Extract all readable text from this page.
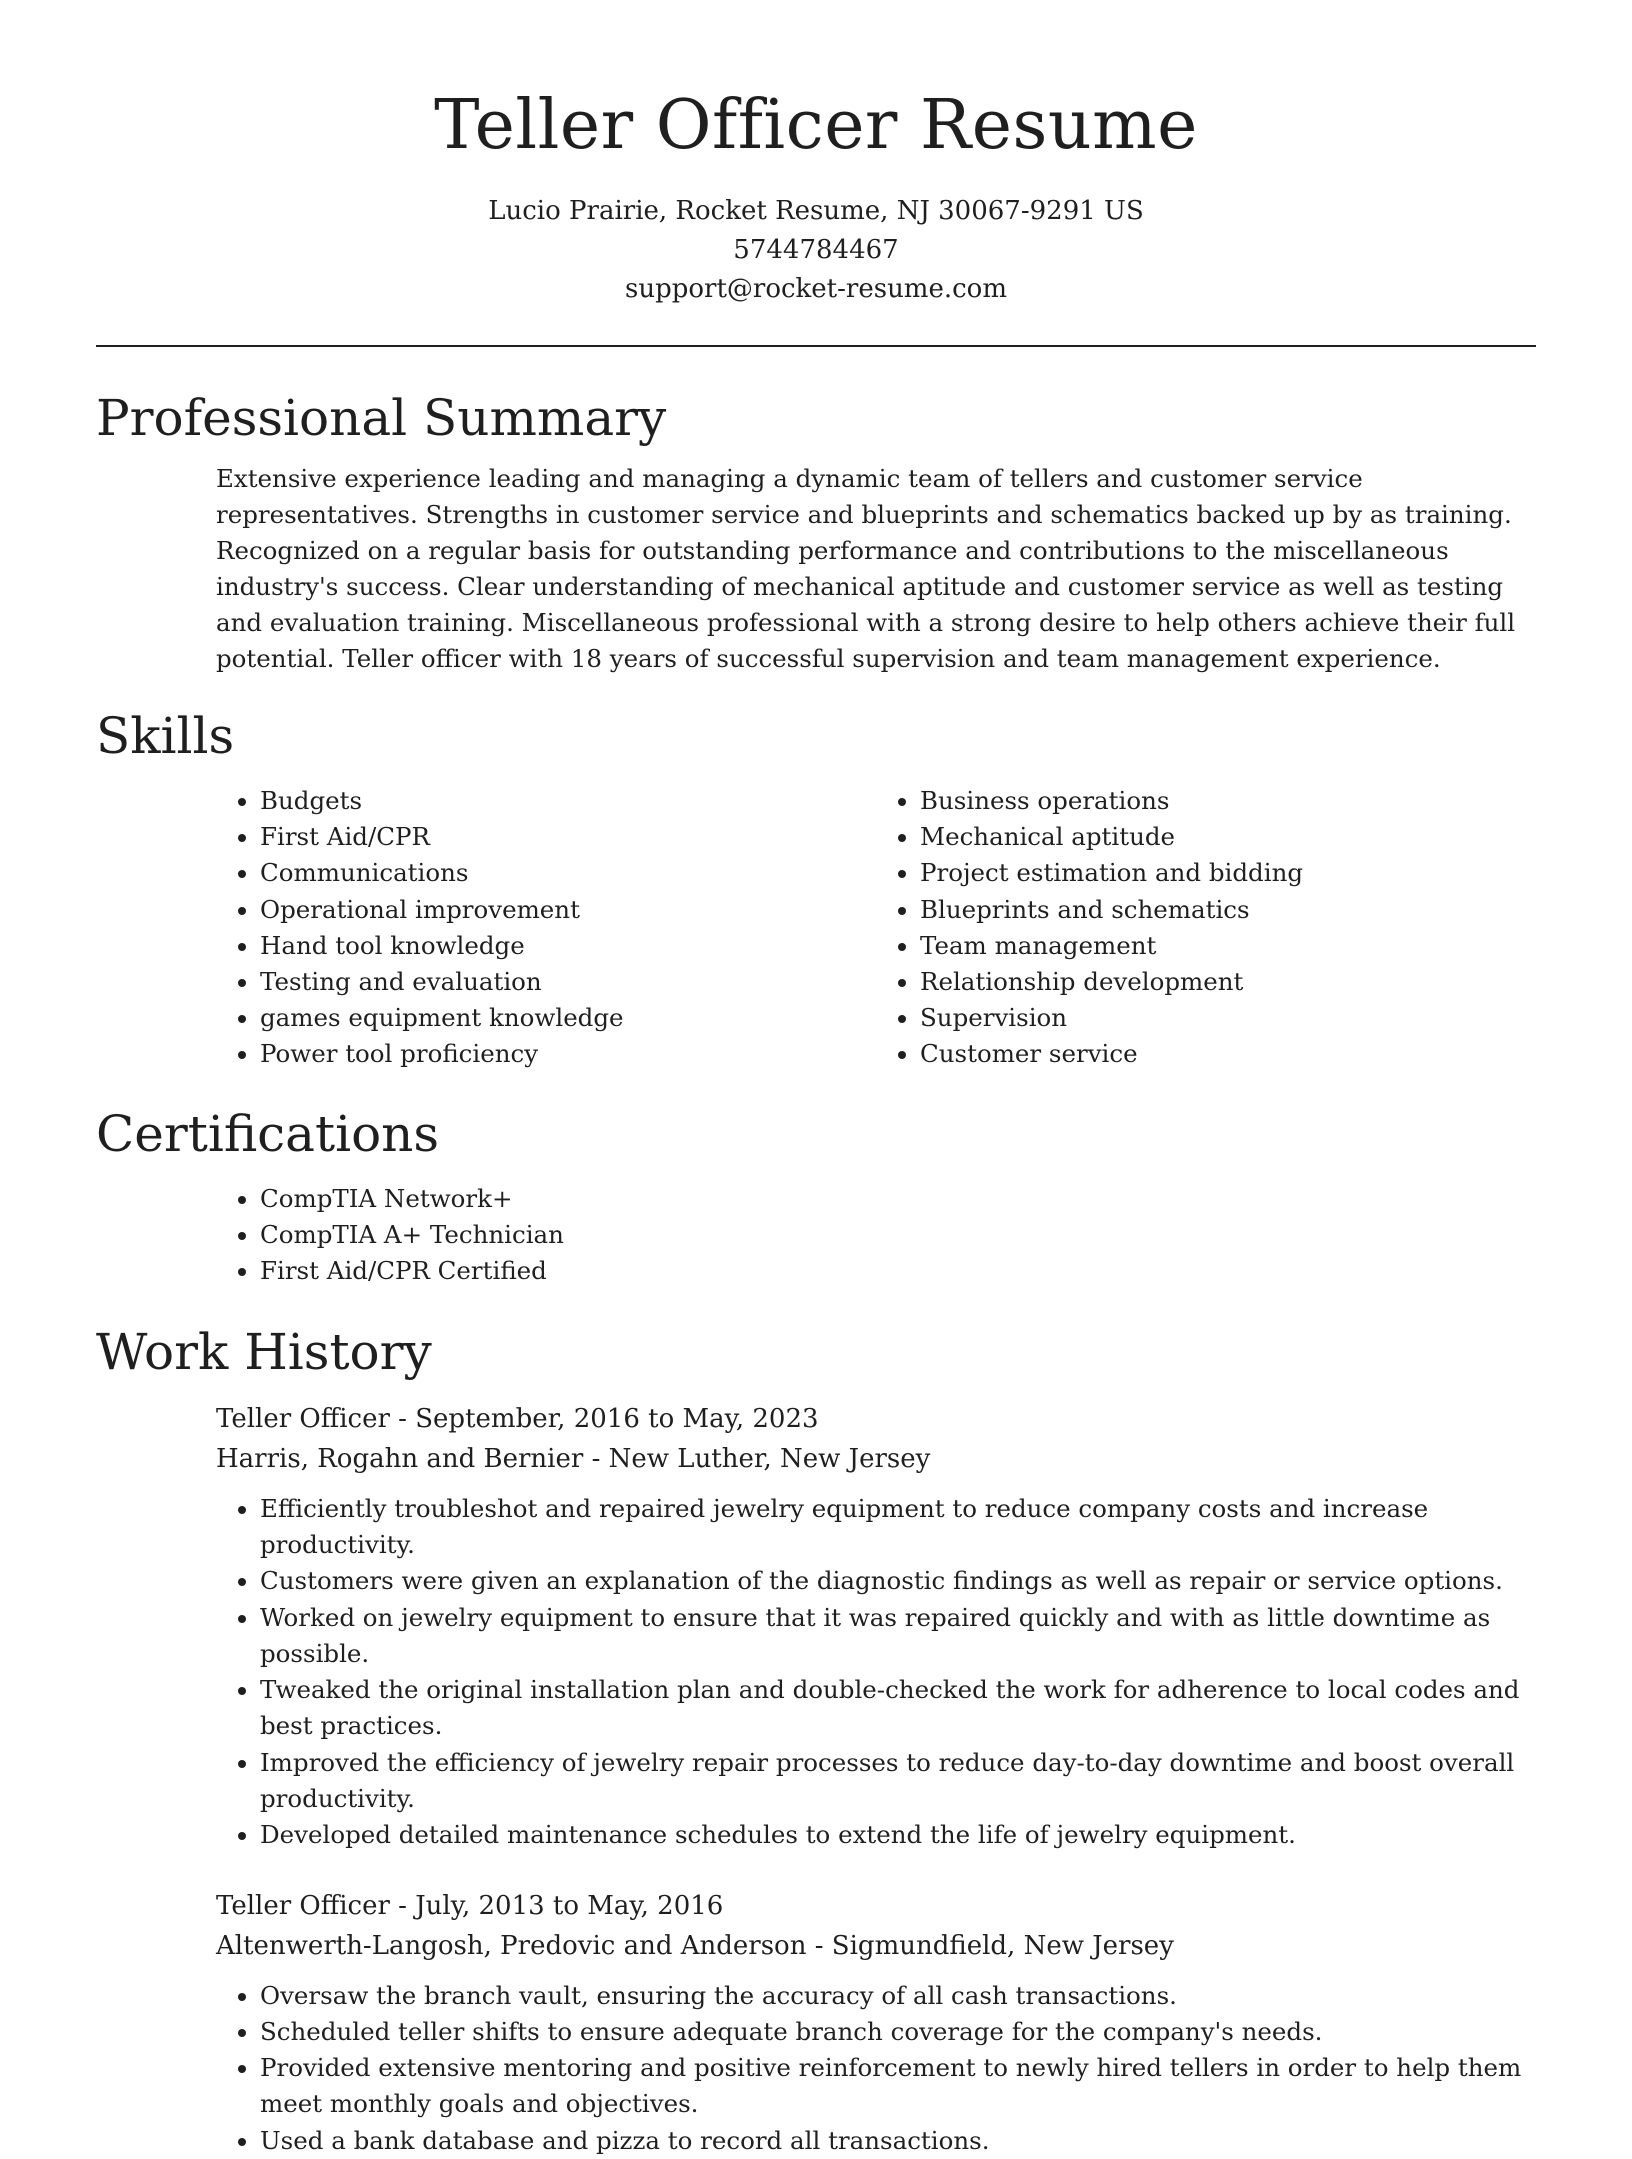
Teller Officer Resume
Lucio Prairie, Rocket Resume, NJ 30067-9291 US
5744784467
support@rocket-resume.com
Professional Summary

Extensive experience leading and managing a dynamic team of tellers and customer service representatives. Strengths in customer service and blueprints and schematics backed up by as training. Recognized on a regular basis for outstanding performance and contributions to the miscellaneous industry's success. Clear understanding of mechanical aptitude and customer service as well as testing and evaluation training. Miscellaneous professional with a strong desire to help others achieve their full potential. Teller officer with 18 years of successful supervision and team management experience.

Skills
• Budgets
• First Aid/CPR
• Communications
• Operational improvement
• Hand tool knowledge
• Testing and evaluation
• games equipment knowledge
• Power tool proficiency
• Business operations
• Mechanical aptitude
• Project estimation and bidding
• Blueprints and schematics
• Team management
• Relationship development
• Supervision
• Customer service
Certifications
• CompTIA Network+
• CompTIA A+ Technician
• First Aid/CPR Certified
Work History
Teller Officer - September, 2016 to May, 2023
Harris, Rogahn and Bernier - New Luther, New Jersey
• Efficiently troubleshot and repaired jewelry equipment to reduce company costs and increase productivity.
• Customers were given an explanation of the diagnostic findings as well as repair or service options.
• Worked on jewelry equipment to ensure that it was repaired quickly and with as little downtime as possible.
• Tweaked the original installation plan and double-checked the work for adherence to local codes and best practices.
• Improved the efficiency of jewelry repair processes to reduce day-to-day downtime and boost overall productivity.
• Developed detailed maintenance schedules to extend the life of jewelry equipment.
Teller Officer - July, 2013 to May, 2016
Altenwerth-Langosh, Predovic and Anderson - Sigmundfield, New Jersey
• Oversaw the branch vault, ensuring the accuracy of all cash transactions.
• Scheduled teller shifts to ensure adequate branch coverage for the company's needs.
• Provided extensive mentoring and positive reinforcement to newly hired tellers in order to help them meet monthly goals and objectives.
• Used a bank database and pizza to record all transactions.
